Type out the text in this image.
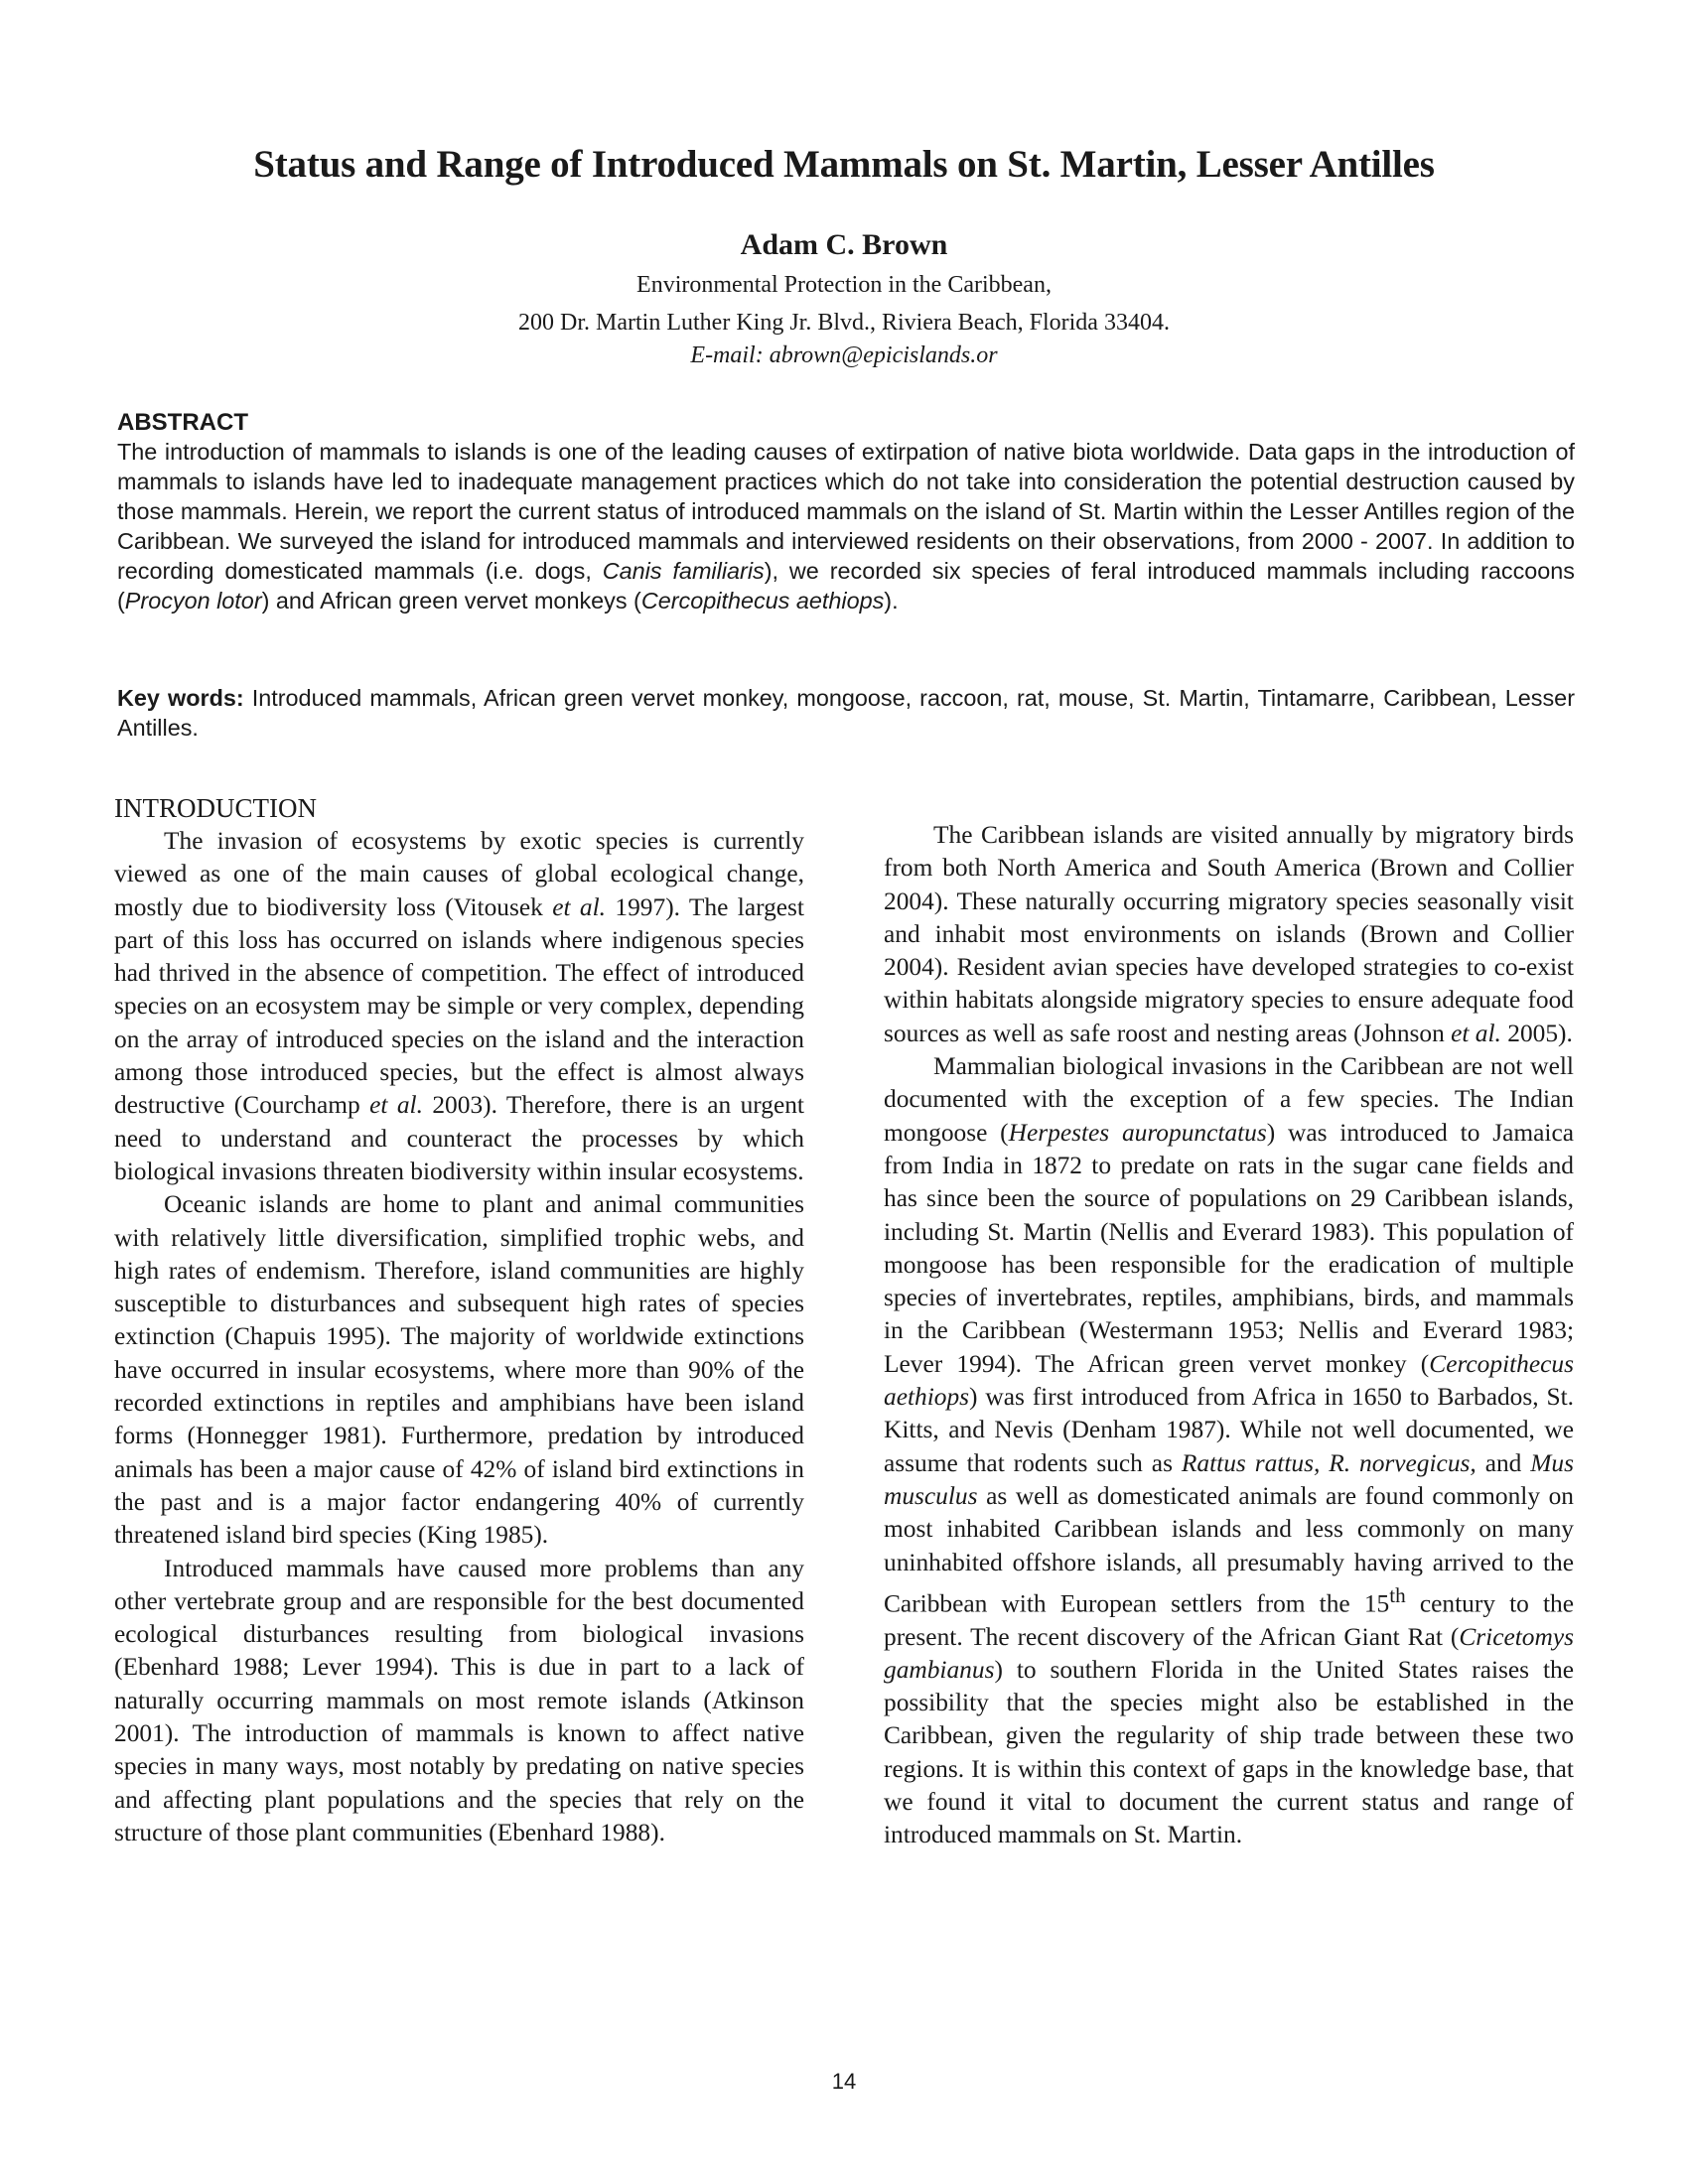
Status and Range of Introduced Mammals on St. Martin, Lesser Antilles
Adam C. Brown
Environmental Protection in the Caribbean,
200 Dr. Martin Luther King Jr. Blvd., Riviera Beach, Florida 33404.
E-mail: abrown@epicislands.or
ABSTRACT
The introduction of mammals to islands is one of the leading causes of extirpation of native biota worldwide. Data gaps in the introduction of mammals to islands have led to inadequate management practices which do not take into consideration the potential destruction caused by those mammals. Herein, we report the current status of introduced mammals on the island of St. Martin within the Lesser Antilles region of the Caribbean. We surveyed the island for introduced mammals and interviewed residents on their observations, from 2000 - 2007. In addition to recording domesticated mammals (i.e. dogs, Canis familiaris), we recorded six species of feral introduced mammals including raccoons (Procyon lotor) and African green vervet monkeys (Cercopithecus aethiops).
Key words: Introduced mammals, African green vervet monkey, mongoose, raccoon, rat, mouse, St. Martin, Tintamarre, Caribbean, Lesser Antilles.
INTRODUCTION

The invasion of ecosystems by exotic species is currently viewed as one of the main causes of global ecological change, mostly due to biodiversity loss (Vitousek et al. 1997). The largest part of this loss has occurred on islands where indigenous species had thrived in the absence of competition. The effect of introduced species on an ecosystem may be simple or very complex, depending on the array of introduced species on the island and the interaction among those introduced species, but the effect is almost always destructive (Courchamp et al. 2003). Therefore, there is an urgent need to understand and counteract the processes by which biological invasions threaten biodiversity within insular ecosystems.

Oceanic islands are home to plant and animal communities with relatively little diversification, simplified trophic webs, and high rates of endemism. Therefore, island communities are highly susceptible to disturbances and subsequent high rates of species extinction (Chapuis 1995). The majority of worldwide extinctions have occurred in insular ecosystems, where more than 90% of the recorded extinctions in reptiles and amphibians have been island forms (Honnegger 1981). Furthermore, predation by introduced animals has been a major cause of 42% of island bird extinctions in the past and is a major factor endangering 40% of currently threatened island bird species (King 1985).

Introduced mammals have caused more problems than any other vertebrate group and are responsible for the best documented ecological disturbances resulting from biological invasions (Ebenhard 1988; Lever 1994). This is due in part to a lack of naturally occurring mammals on most remote islands (Atkinson 2001). The introduction of mammals is known to affect native species in many ways, most notably by predating on native species and affecting plant populations and the species that rely on the structure of those plant communities (Ebenhard 1988).

The Caribbean islands are visited annually by migratory birds from both North America and South America (Brown and Collier 2004). These naturally occurring migratory species seasonally visit and inhabit most environments on islands (Brown and Collier 2004). Resident avian species have developed strategies to co-exist within habitats alongside migratory species to ensure adequate food sources as well as safe roost and nesting areas (Johnson et al. 2005).

Mammalian biological invasions in the Caribbean are not well documented with the exception of a few species. The Indian mongoose (Herpestes auropunctatus) was introduced to Jamaica from India in 1872 to predate on rats in the sugar cane fields and has since been the source of populations on 29 Caribbean islands, including St. Martin (Nellis and Everard 1983). This population of mongoose has been responsible for the eradication of multiple species of invertebrates, reptiles, amphibians, birds, and mammals in the Caribbean (Westermann 1953; Nellis and Everard 1983; Lever 1994). The African green vervet monkey (Cercopithecus aethiops) was first introduced from Africa in 1650 to Barbados, St. Kitts, and Nevis (Denham 1987). While not well documented, we assume that rodents such as Rattus rattus, R. norvegicus, and Mus musculus as well as domesticated animals are found commonly on most inhabited Caribbean islands and less commonly on many uninhabited offshore islands, all presumably having arrived to the Caribbean with European settlers from the 15th century to the present. The recent discovery of the African Giant Rat (Cricetomys gambianus) to southern Florida in the United States raises the possibility that the species might also be established in the Caribbean, given the regularity of ship trade between these two regions. It is within this context of gaps in the knowledge base, that we found it vital to document the current status and range of introduced mammals on St. Martin.

14
